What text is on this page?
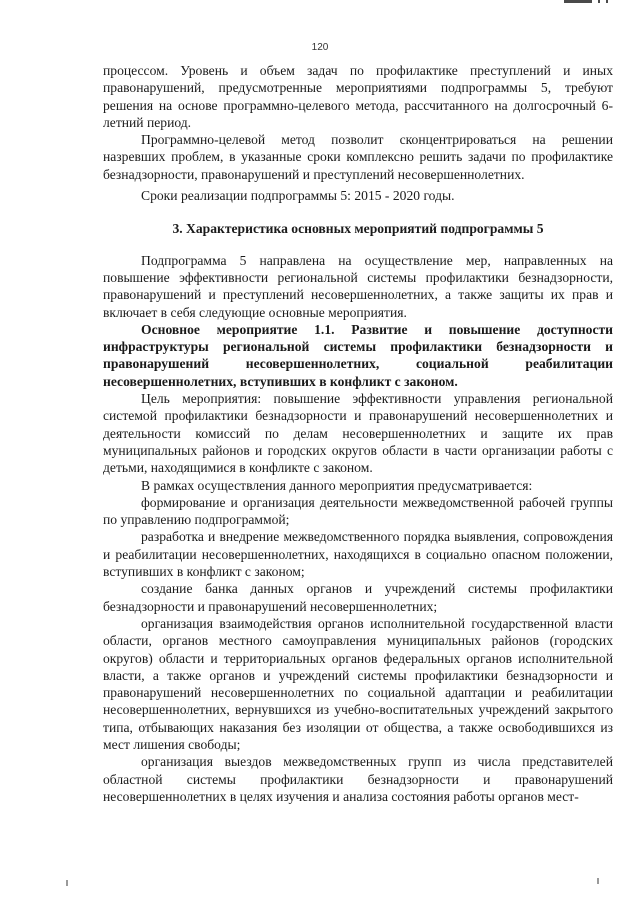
120

процессом. Уровень и объем задач по профилактике преступлений и иных правонарушений, предусмотренные мероприятиями подпрограммы 5, требуют решения на основе программно-целевого метода, рассчитанного на долгосрочный 6-летний период.

Программно-целевой метод позволит сконцентрироваться на решении назревших проблем, в указанные сроки комплексно решить задачи по профилактике безнадзорности, правонарушений и преступлений несовершеннолетних.

Сроки реализации подпрограммы 5: 2015 - 2020 годы.

3. Характеристика основных мероприятий подпрограммы 5

Подпрограмма 5 направлена на осуществление мер, направленных на повышение эффективности региональной системы профилактики безнадзорности, правонарушений и преступлений несовершеннолетних, а также защиты их прав и включает в себя следующие основные мероприятия.

Основное мероприятие 1.1. Развитие и повышение доступности инфраструктуры региональной системы профилактики безнадзорности и правонарушений несовершеннолетних, социальной реабилитации несовершеннолетних, вступивших в конфликт с законом.

Цель мероприятия: повышение эффективности управления региональной системой профилактики безнадзорности и правонарушений несовершеннолетних и деятельности комиссий по делам несовершеннолетних и защите их прав муниципальных районов и городских округов области в части организации работы с детьми, находящимися в конфликте с законом.

В рамках осуществления данного мероприятия предусматривается:

формирование и организация деятельности межведомственной рабочей группы по управлению подпрограммой;

разработка и внедрение межведомственного порядка выявления, сопровождения и реабилитации несовершеннолетних, находящихся в социально опасном положении, вступивших в конфликт с законом;

создание банка данных органов и учреждений системы профилактики безнадзорности и правонарушений несовершеннолетних;

организация взаимодействия органов исполнительной государственной власти области, органов местного самоуправления муниципальных районов (городских округов) области и территориальных органов федеральных органов исполнительной власти, а также органов и учреждений системы профилактики безнадзорности и правонарушений несовершеннолетних по социальной адаптации и реабилитации несовершеннолетних, вернувшихся из учебно-воспитательных учреждений закрытого типа, отбывающих наказания без изоляции от общества, а также освободившихся из мест лишения свободы;

организация выездов межведомственных групп из числа представителей областной системы профилактики безнадзорности и правонарушений несовершеннолетних в целях изучения и анализа состояния работы органов мест-
